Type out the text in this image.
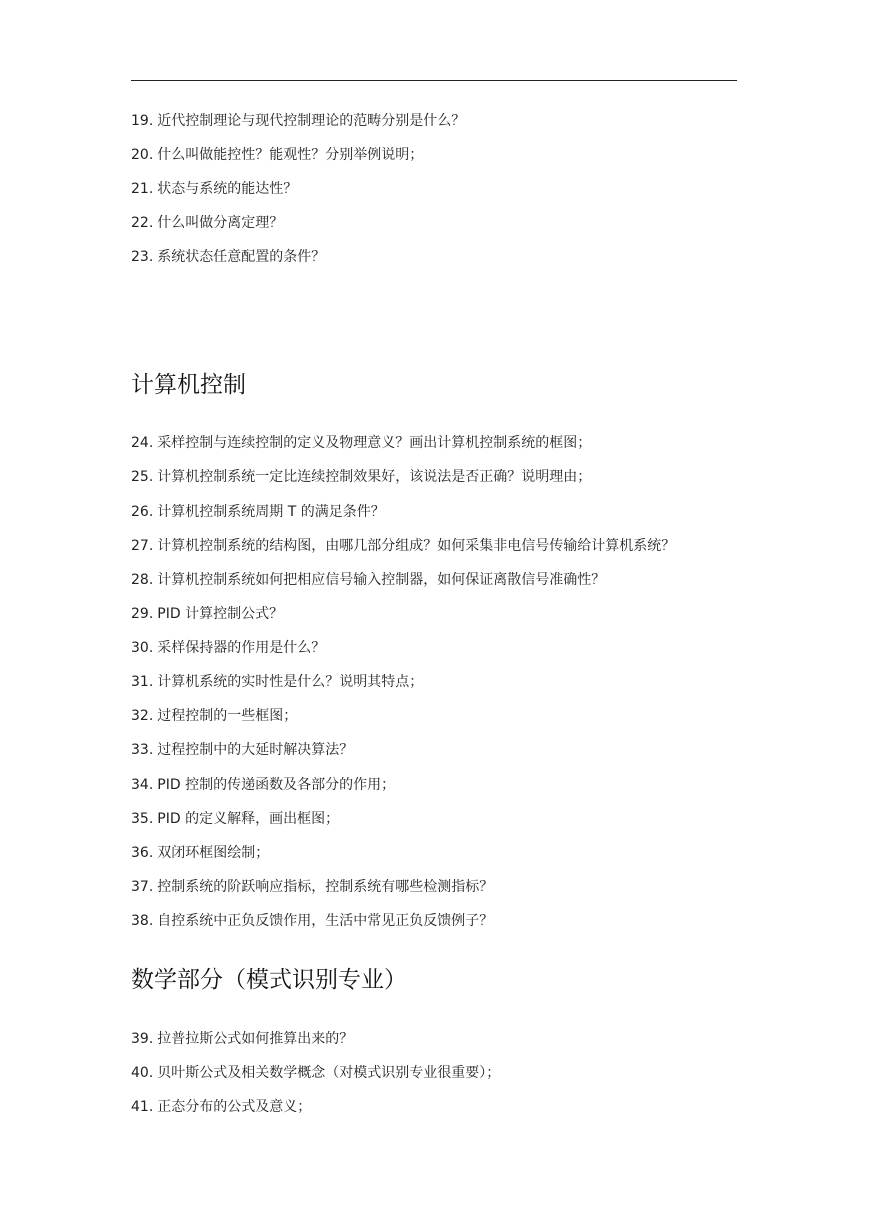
19. 近代控制理论与现代控制理论的范畴分别是什么？
20. 什么叫做能控性？能观性？分别举例说明；
21. 状态与系统的能达性？
22. 什么叫做分离定理？
23. 系统状态任意配置的条件？
计算机控制
24. 采样控制与连续控制的定义及物理意义？画出计算机控制系统的框图；
25. 计算机控制系统一定比连续控制效果好，该说法是否正确？说明理由；
26. 计算机控制系统周期 T 的满足条件？
27. 计算机控制系统的结构图，由哪几部分组成？如何采集非电信号传输给计算机系统？
28. 计算机控制系统如何把相应信号输入控制器，如何保证离散信号准确性？
29. PID 计算控制公式？
30. 采样保持器的作用是什么？
31. 计算机系统的实时性是什么？说明其特点；
32. 过程控制的一些框图；
33. 过程控制中的大延时解决算法？
34. PID 控制的传递函数及各部分的作用；
35. PID 的定义解释，画出框图；
36. 双闭环框图绘制；
37. 控制系统的阶跃响应指标，控制系统有哪些检测指标？
38. 自控系统中正负反馈作用，生活中常见正负反馈例子？
数学部分（模式识别专业）
39. 拉普拉斯公式如何推算出来的？
40. 贝叶斯公式及相关数学概念（对模式识别专业很重要）；
41. 正态分布的公式及意义；
